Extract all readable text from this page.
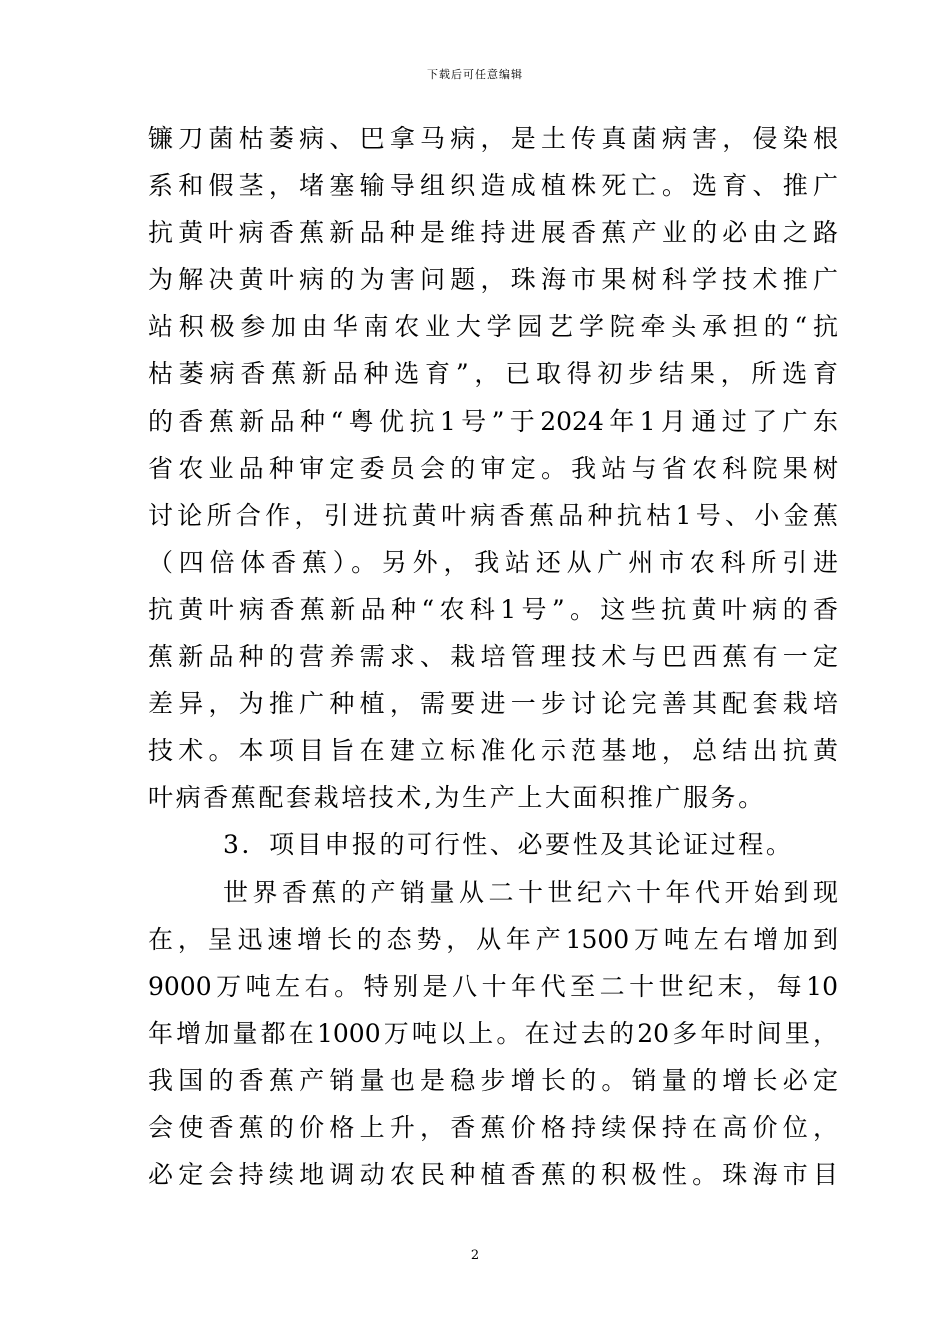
下载后可任意编辑
镰刀菌枯萎病、巴拿马病，是土传真菌病害，侵染根
系和假茎，堵塞输导组织造成植株死亡。选育、推广
抗黄叶病香蕉新品种是维持进展香蕉产业的必由之路
为解决黄叶病的为害问题，珠海市果树科学技术推广
站积极参加由华南农业大学园艺学院牵头承担的“抗
枯萎病香蕉新品种选育”，已取得初步结果，所选育
的香蕉新品种“粤优抗1号”于2024年1月通过了广东
省农业品种审定委员会的审定。我站与省农科院果树
讨论所合作，引进抗黄叶病香蕉品种抗枯1号、小金蕉
（四倍体香蕉）。另外，我站还从广州市农科所引进
抗黄叶病香蕉新品种“农科1号”。这些抗黄叶病的香
蕉新品种的营养需求、栽培管理技术与巴西蕉有一定
差异，为推广种植，需要进一步讨论完善其配套栽培
技术。本项目旨在建立标准化示范基地，总结出抗黄
叶病香蕉配套栽培技术,为生产上大面积推广服务。
3．项目申报的可行性、必要性及其论证过程。
世界香蕉的产销量从二十世纪六十年代开始到现
在，呈迅速增长的态势，从年产1500万吨左右增加到
9000万吨左右。特别是八十年代至二十世纪末，每10
年增加量都在1000万吨以上。在过去的20多年时间里，
我国的香蕉产销量也是稳步增长的。销量的增长必定
会使香蕉的价格上升，香蕉价格持续保持在高价位，
必定会持续地调动农民种植香蕉的积极性。珠海市目
2
